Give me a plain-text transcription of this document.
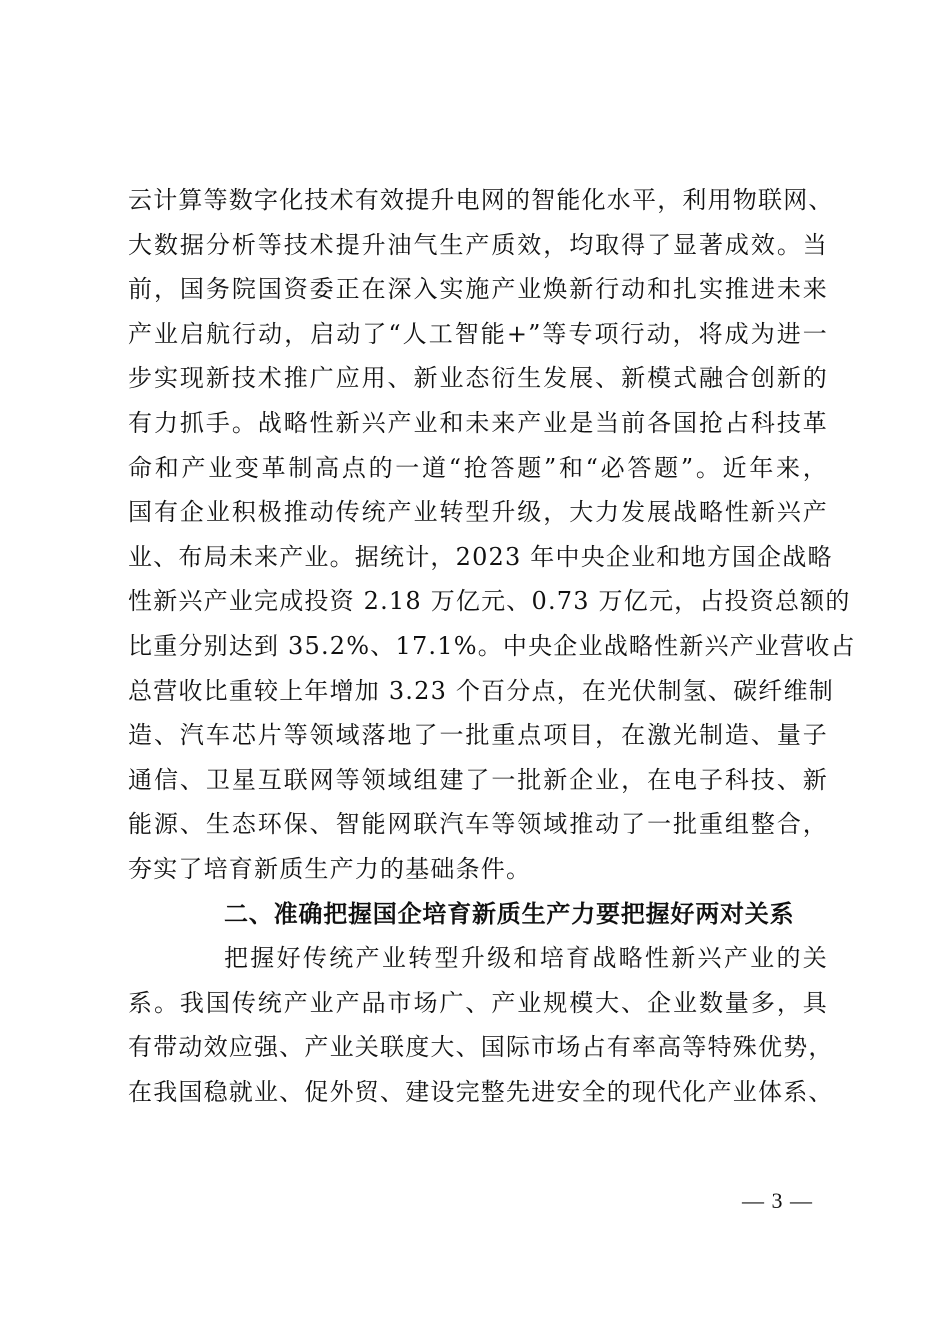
云计算等数字化技术有效提升电网的智能化水平，利用物联网、
大数据分析等技术提升油气生产质效，均取得了显著成效。当
前，国务院国资委正在深入实施产业焕新行动和扎实推进未来
产业启航行动，启动了“人工智能+”等专项行动，将成为进一
步实现新技术推广应用、新业态衍生发展、新模式融合创新的
有力抓手。战略性新兴产业和未来产业是当前各国抢占科技革
命和产业变革制高点的一道“抢答题”和“必答题”。近年来，
国有企业积极推动传统产业转型升级，大力发展战略性新兴产
业、布局未来产业。据统计，2023 年中央企业和地方国企战略
性新兴产业完成投资 2.18 万亿元、0.73 万亿元，占投资总额的
比重分别达到 35.2%、17.1%。中央企业战略性新兴产业营收占
总营收比重较上年增加 3.23 个百分点，在光伏制氢、碳纤维制
造、汽车芯片等领域落地了一批重点项目，在激光制造、量子
通信、卫星互联网等领域组建了一批新企业，在电子科技、新
能源、生态环保、智能网联汽车等领域推动了一批重组整合，
夯实了培育新质生产力的基础条件。
二、准确把握国企培育新质生产力要把握好两对关系
把握好传统产业转型升级和培育战略性新兴产业的关
系。我国传统产业产品市场广、产业规模大、企业数量多，具
有带动效应强、产业关联度大、国际市场占有率高等特殊优势，
在我国稳就业、促外贸、建设完整先进安全的现代化产业体系、
— 3 —
